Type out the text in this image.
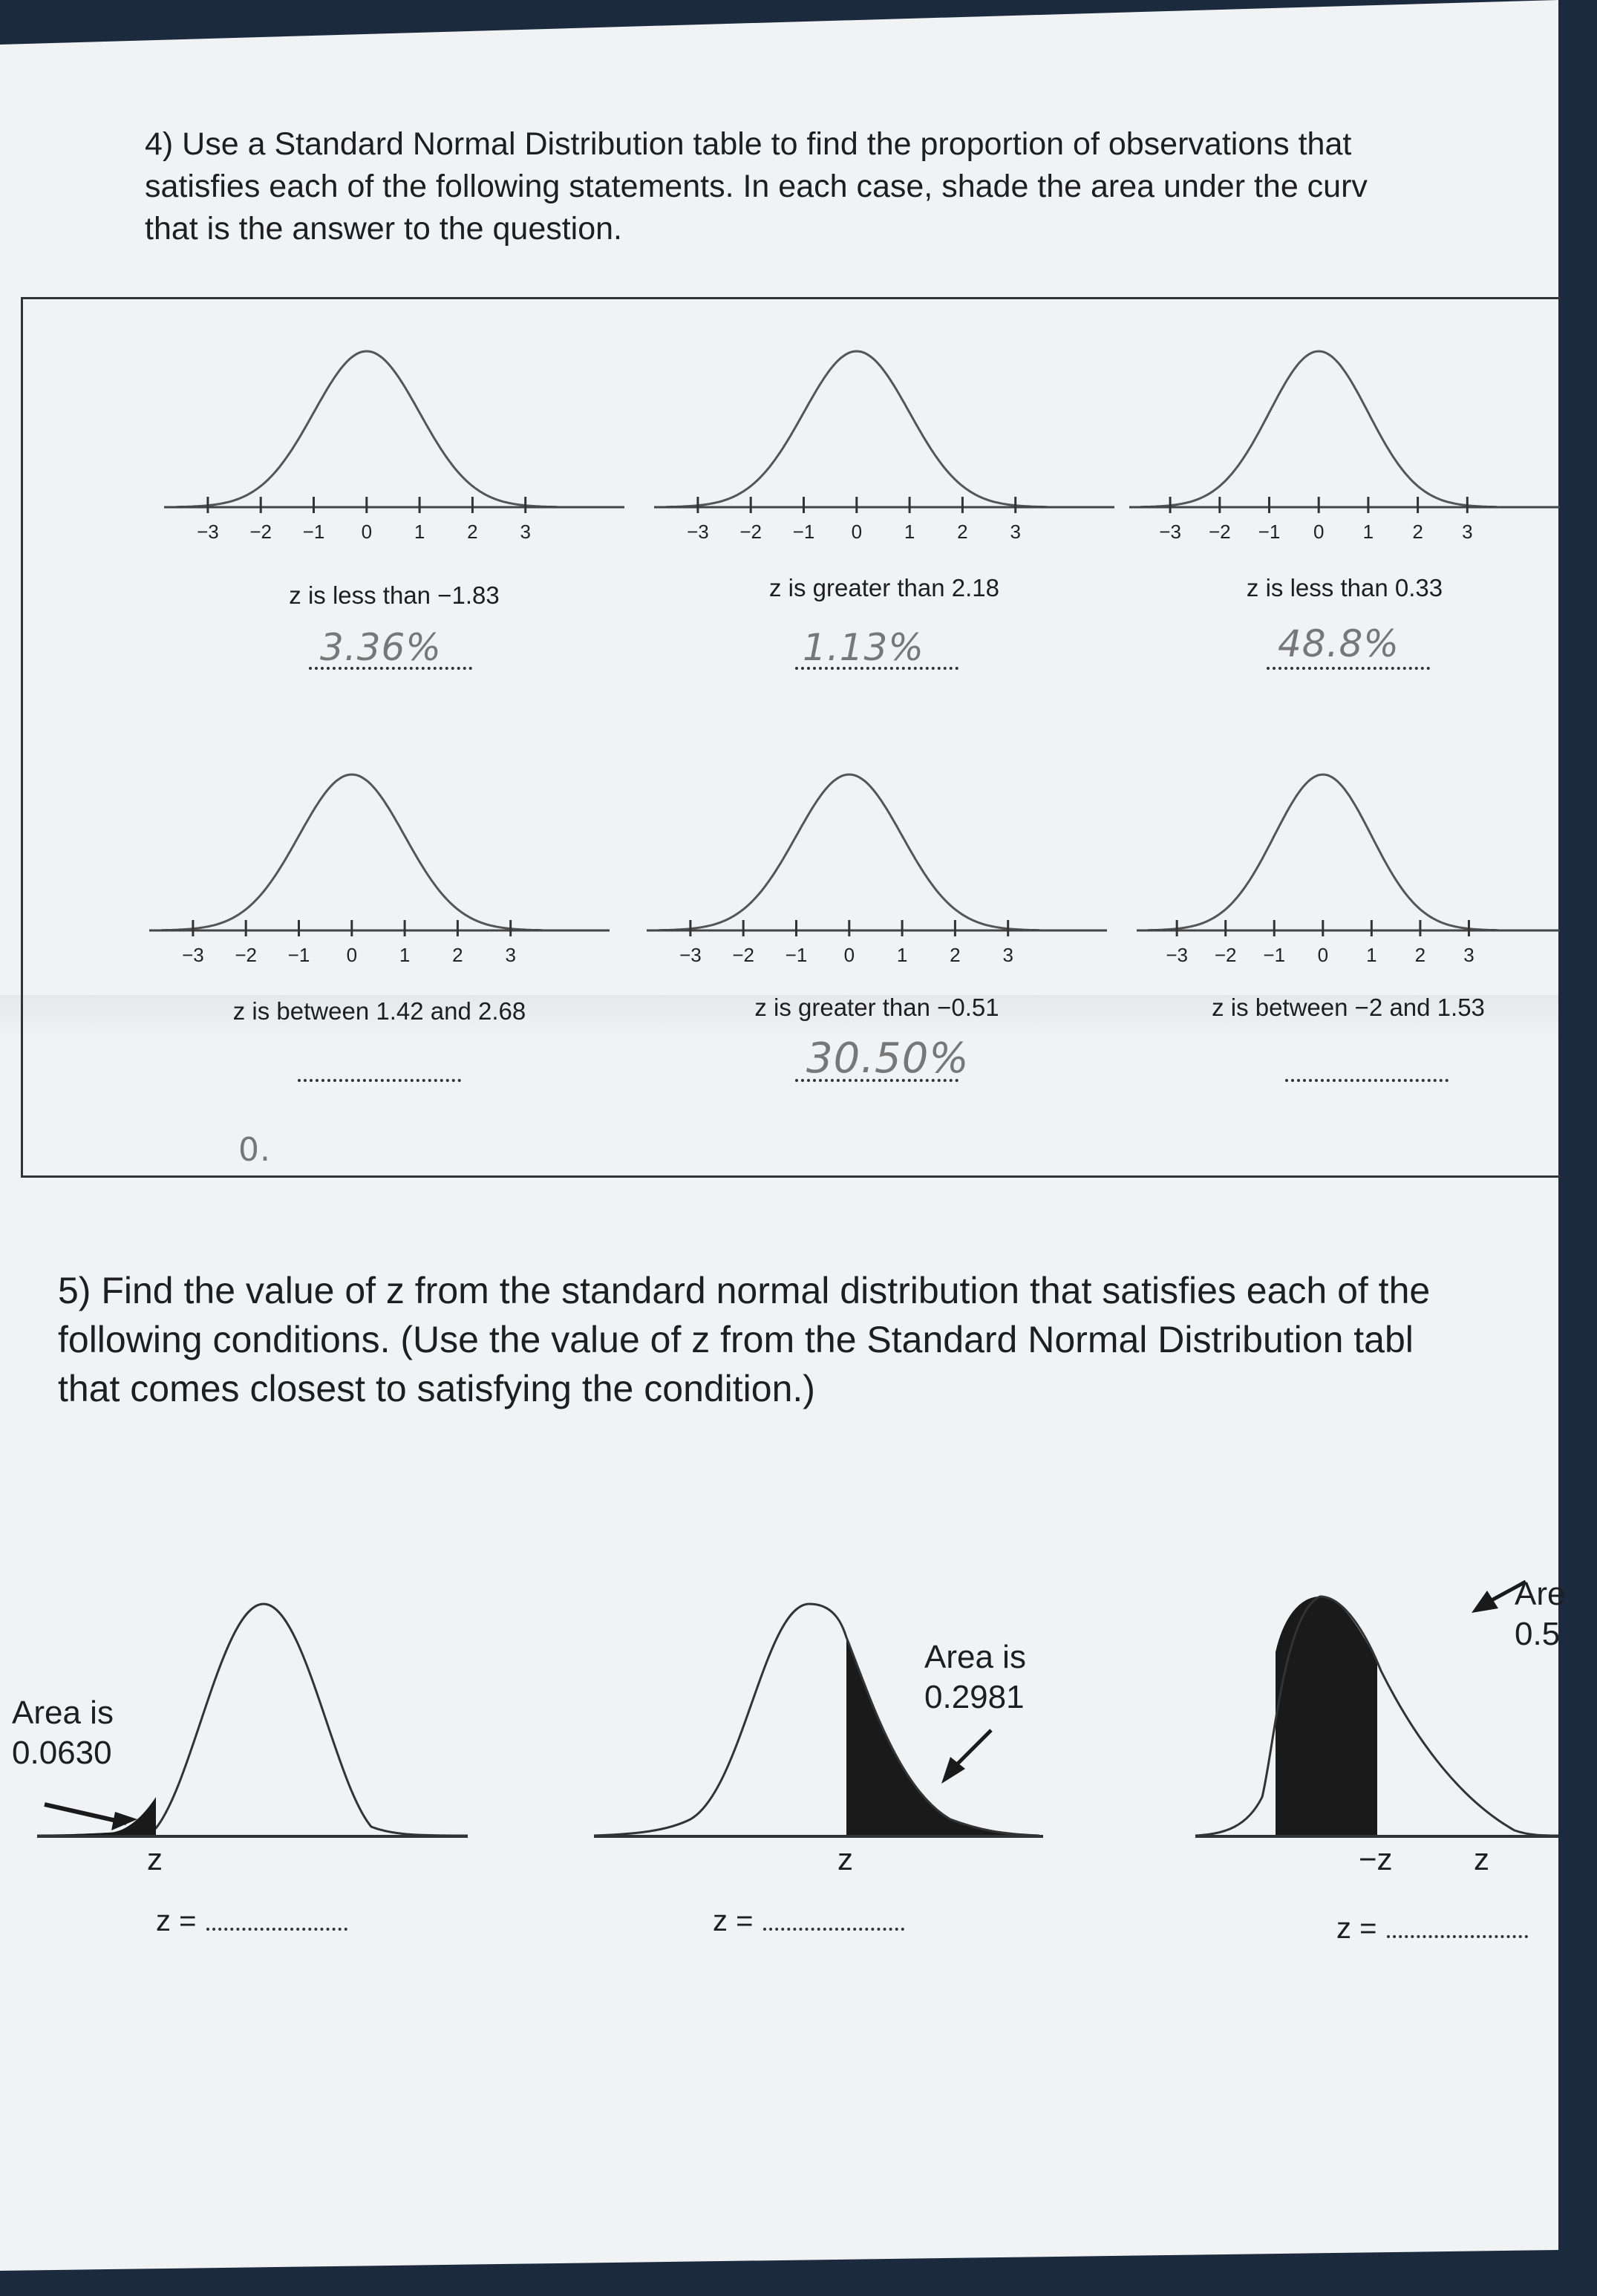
4) Use a Standard Normal Distribution table to find the proportion of observations that
satisfies each of the following statements. In each case, shade the area under the curv
that is the answer to the question.
−3 −2 −1 0 1 2 3
z is less than −1.83
3.36%
−3 −2 −1 0 1 2 3
z is greater than 2.18
1.13%
−3 −2 −1 0 1 2 3
z is less than 0.33
48.8%
−3 −2 −1 0 1 2 3
z is between 1.42 and 2.68
−3 −2 −1 0 1 2 3
z is greater than −0.51
30.50%
−3 −2 −1 0 1 2 3
z is between −2 and 1.53
0.
5) Find the value of z from the standard normal distribution that satisfies each of the
following conditions. (Use the value of z from the Standard Normal Distribution tabl
that comes closest to satisfying the condition.)
Area is
0.0630
z
z =
Area is
0.2981
z
z =
Are
0.5
−z	z
z =
